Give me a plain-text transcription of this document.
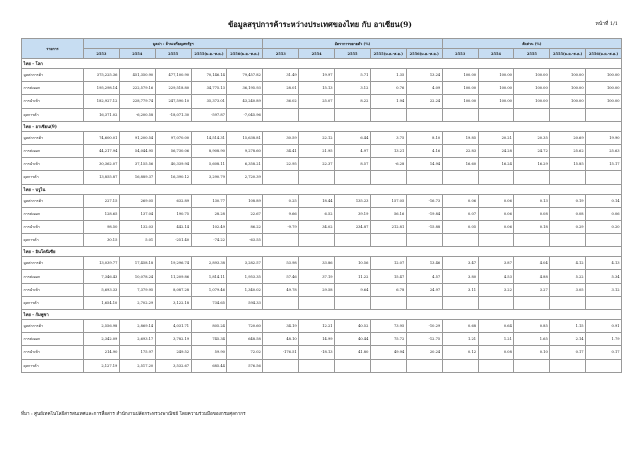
หน้าที่ 1/1
ข้อมูลสรุปการค้าระหว่างประเทศของไทย กับ อาเซียน(9)
รายการ	มูลค่า : ล้านเหรียญสหรัฐฯ					อัตราการขยายตัว (%)					สัดส่วน (%)				
	2553	2554	2555	2555(ม.ค.-ส.ค.)	2556(ม.ค.-ส.ค.)	2553	2554	2555	2555(ม.ค.-ส.ค.)	2556(ม.ค.-ส.ค.)	2553	2554	2555	2555(ม.ค.-ส.ค.)	2556(ม.ค.-ส.ค.)
ไทย - โลก															
มูลค่าการค้า	375,225.36	451,350.90	477,100.90	70,146.14	79,457.82	31.49	19.97	5.71	1.35	13.24	100.00	100.00	100.00	100.00	100.00
การส่งออก	195,298.14	222,579.16	229,518.80	34,775.13	36,195.93	28.01	15.13	3.12	0.76	4.09	100.00	100.00	100.00	100.00	100.00
การนำเข้า	182,927.12	228,779.74	247,590.10	35,373.01	43,240.89	36.02	25.07	8.22	1.94	22.24	100.00	100.00	100.00	100.00	100.00
ดุลการค้า	16,371.02	-6,200.58	-18,071.30	-597.87	-7,045.96										
ไทย - อาเซียน(9)															
มูลค่าการค้า	74,600.01	91,200.54	97,070.00	14,514.31	15,638.81	30.59	22.12	6.44	3.75	8.10	19.85	20.21	20.35	20.69	19.90
การส่งออก	44,217.94	54,044.95	56,730.06	8,908.90	9,278.60	34.41	21.95	4.97	13.21	4.16	22.83	24.28	24.72	25.62	25.63
การนำเข้า	30,362.07	37,155.56	40,339.94	5,608.11	6,358.21	22.95	22.37	8.57	-6.28	14.94	16.60	16.24	16.29	15.85	15.17
ดุลการค้า	13,855.87	16,889.37	16,390.12	3,290.79	2,720.39										
ไทย - บรูไน															
มูลค่าการค้า	227.15	269.05	632.89	130.77	108.89	0.25	18.44	135.23	157.05	-16.73	0.06	0.06	0.13	0.19	0.14
การส่งออก	128.65	137.04	190.75	28.28	22.67	9.66	6.52	39.19	56.16	-19.84	0.07	0.06	0.08	0.08	0.06
การนำเข้า	98.50	132.03	442.14	102.49	86.22	-9.79	34.02	234.87	212.81	-15.88	0.05	0.06	0.18	0.29	0.20
ดุลการค้า	30.15	5.01	-251.40	-74.22	-63.55										
ไทย - อินโดนีเซีย															
มูลค่าการค้า	13,039.77	17,458.18	19,296.74	2,893.38	3,282.57	53.98	33.86	10.56	12.07	13.46	3.47	3.87	4.04	4.12	4.13
การส่งออก	7,346.43	10,078.24	11,209.86	1,814.11	1,953.35	57.46	37.19	11.22	15.47	4.57	3.80	4.53	4.88	5.22	5.34
การนำเข้า	5,693.33	7,379.95	8,087.28	1,079.46	1,340.02	49.78	29.58	9.64	6.78	24.97	3.11	3.22	3.27	3.05	3.12
ดุลการค้า	1,654.10	2,702.29	3,122.18	734.65	594.33										
ไทย - กัมพูชา															
มูลค่าการค้า	2,556.98	2,869.14	4,031.71	805.24	720.60	34.19	12.21	40.52	73.95	-10.29	0.68	0.64	0.85	1.15	0.91
การส่งออก	2,342.09	2,693.17	3,782.19	745.34	648.58	48.10	14.99	40.44	75.72	-12.75	1.21	1.21	1.65	2.14	1.79
การนำเข้า	214.90	175.97	249.52	59.90	72.02	-176.51	-18.13	41.80	49.94	20.24	0.12	0.08	0.10	0.17	0.17
ดุลการค้า	2,127.19	2,517.20	3,532.67	685.44	576.56										
ที่มา : ศูนย์เทคโนโลยีสารสนเทศและการสื่อสาร สำนักงานปลัดกระทรวงพาณิชย์ โดยความร่วมมือของกรมศุลกากร
